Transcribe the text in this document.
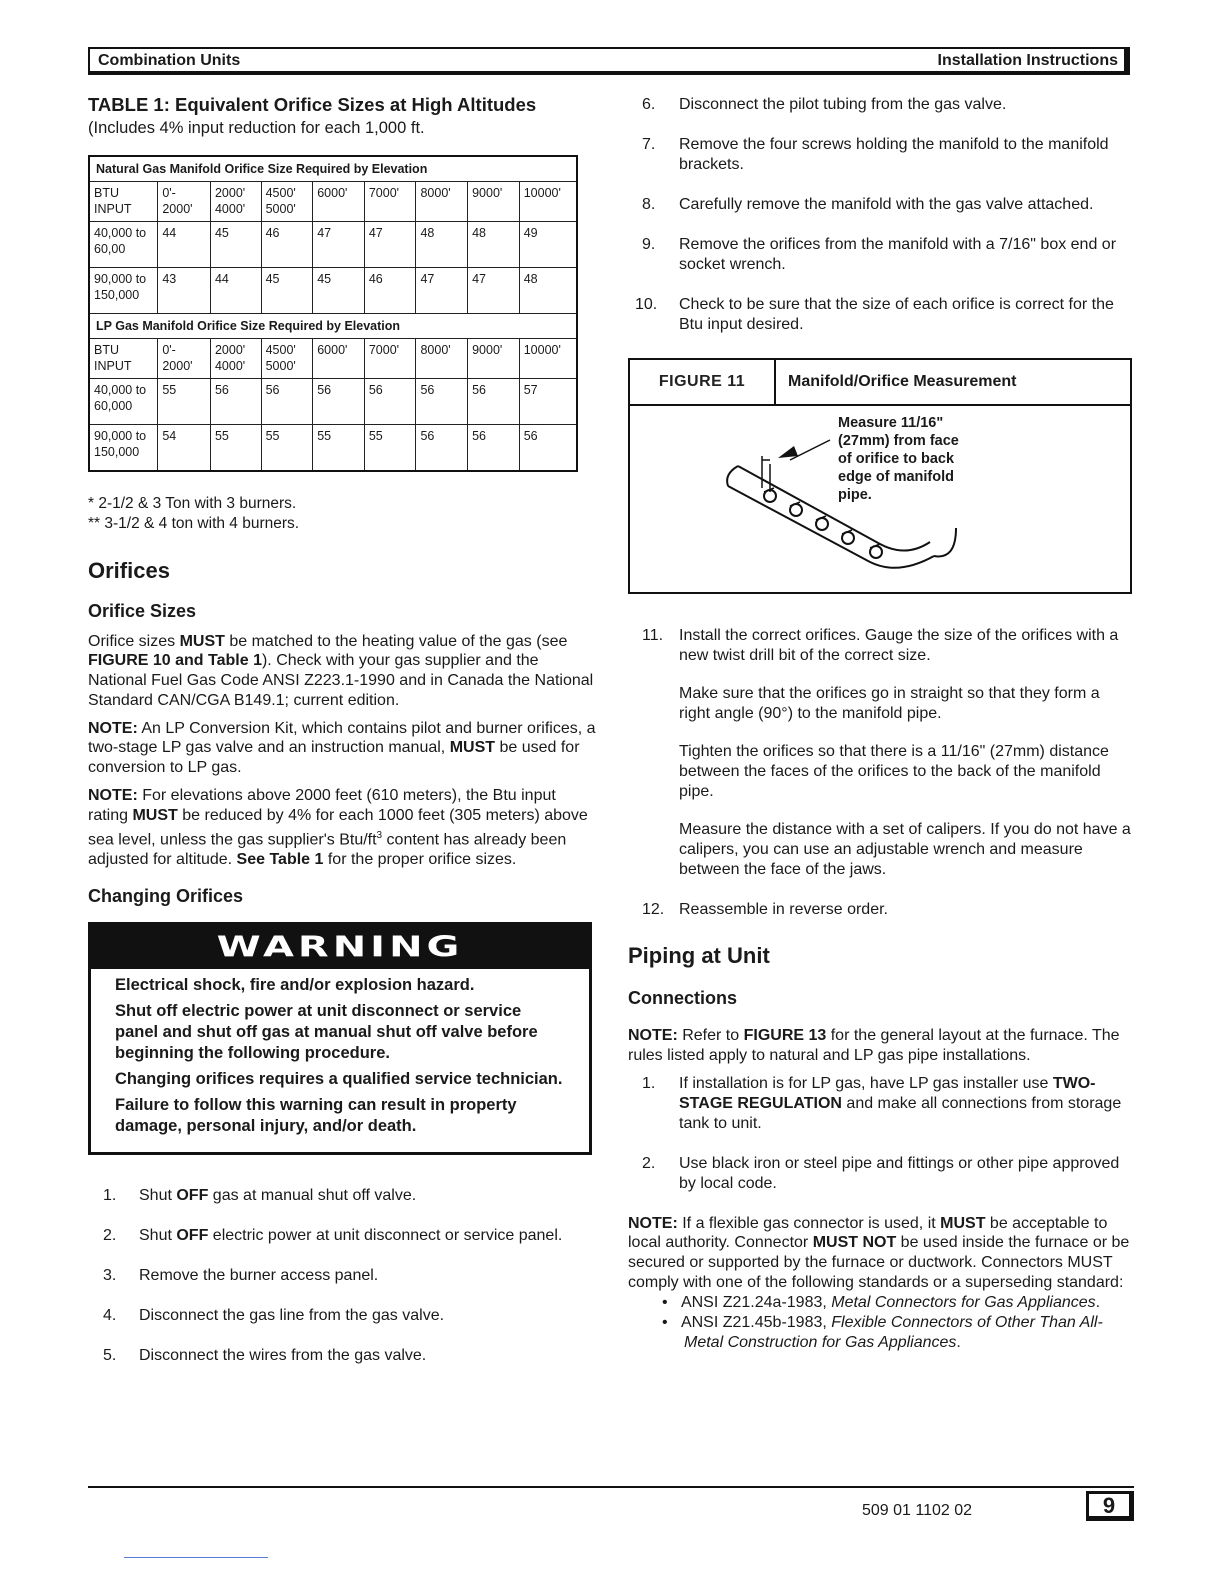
Combination Units	Installation Instructions
TABLE 1: Equivalent Orifice Sizes at High Altitudes
(Includes 4% input reduction for each 1,000 ft.
Natural Gas Manifold Orifice Size Required by Elevation								
BTU INPUT	0'- 2000'	2000' 4000'	4500' 5000'	6000'	7000'	8000'	9000'	10000'
40,000 to 60,00	44	45	46	47	47	48	48	49
90,000 to 150,000	43	44	45	45	46	47	47	48
LP Gas Manifold Orifice Size Required by Elevation								
BTU INPUT	0'- 2000'	2000' 4000'	4500' 5000'	6000'	7000'	8000'	9000'	10000'
40,000 to 60,000	55	56	56	56	56	56	56	57
90,000 to 150,000	54	55	55	55	55	56	56	56
* 2-1/2 & 3 Ton with 3 burners.
** 3-1/2 & 4 ton with 4 burners.
Orifices
Orifice Sizes

Orifice sizes MUST be matched to the heating value of the gas (see FIGURE 10 and Table 1). Check with your gas supplier and the National Fuel Gas Code ANSI Z223.1-1990 and in Canada the National Standard CAN/CGA B149.1; current edition.

NOTE: An LP Conversion Kit, which contains pilot and burner orifices, a two-stage LP gas valve and an instruction manual, MUST be used for conversion to LP gas.

NOTE: For elevations above 2000 feet (610 meters), the Btu input rating MUST be reduced by 4% for each 1000 feet (305 meters) above sea level, unless the gas supplier's Btu/$ft^3$ content has already been adjusted for altitude. See Table 1 for the proper orifice sizes.

Changing Orifices
WARNING

Electrical shock, fire and/or explosion hazard.

Shut off electric power at unit disconnect or service panel and shut off gas at manual shut off valve before beginning the following procedure.

Changing orifices requires a qualified service technician.

Failure to follow this warning can result in property damage, personal injury, and/or death.

1. Shut OFF gas at manual shut off valve.
2. Shut OFF electric power at unit disconnect or service panel.
3. Remove the burner access panel.
4. Disconnect the gas line from the gas valve.
5. Disconnect the wires from the gas valve.
6. Disconnect the pilot tubing from the gas valve.
7. Remove the four screws holding the manifold to the manifold brackets.
8. Carefully remove the manifold with the gas valve attached.
9. Remove the orifices from the manifold with a 7/16" box end or socket wrench.
10. Check to be sure that the size of each orifice is correct for the Btu input desired.
FIGURE 11	Manifold/Orifice Measurement
Measure 11/16"
(27mm) from face
of orifice to back
edge of manifold
pipe.
11. Install the correct orifices. Gauge the size of the orifices with a new twist drill bit of the correct size.

Make sure that the orifices go in straight so that they form a right angle (90°) to the manifold pipe.

Tighten the orifices so that there is a 11/16" (27mm) distance between the faces of the orifices to the back of the manifold pipe.

Measure the distance with a set of calipers. If you do not have a calipers, you can use an adjustable wrench and measure between the face of the jaws.

12. Reassemble in reverse order.
Piping at Unit
Connections

NOTE: Refer to FIGURE 13 for the general layout at the furnace. The rules listed apply to natural and LP gas pipe installations.

1. If installation is for LP gas, have LP gas installer use TWO-STAGE REGULATION and make all connections from storage tank to unit.
2. Use black iron or steel pipe and fittings or other pipe approved by local code.

NOTE: If a flexible gas connector is used, it MUST be acceptable to local authority. Connector MUST NOT be used inside the furnace or be secured or supported by the furnace or ductwork. Connectors MUST comply with one of the following standards or a superseding standard:

•   ANSI Z21.24a-1983, Metal Connectors for Gas Appliances.
•   ANSI Z21.45b-1983, Flexible Connectors of Other Than All-Metal Construction for Gas Appliances.
509 01 1102 02	9
